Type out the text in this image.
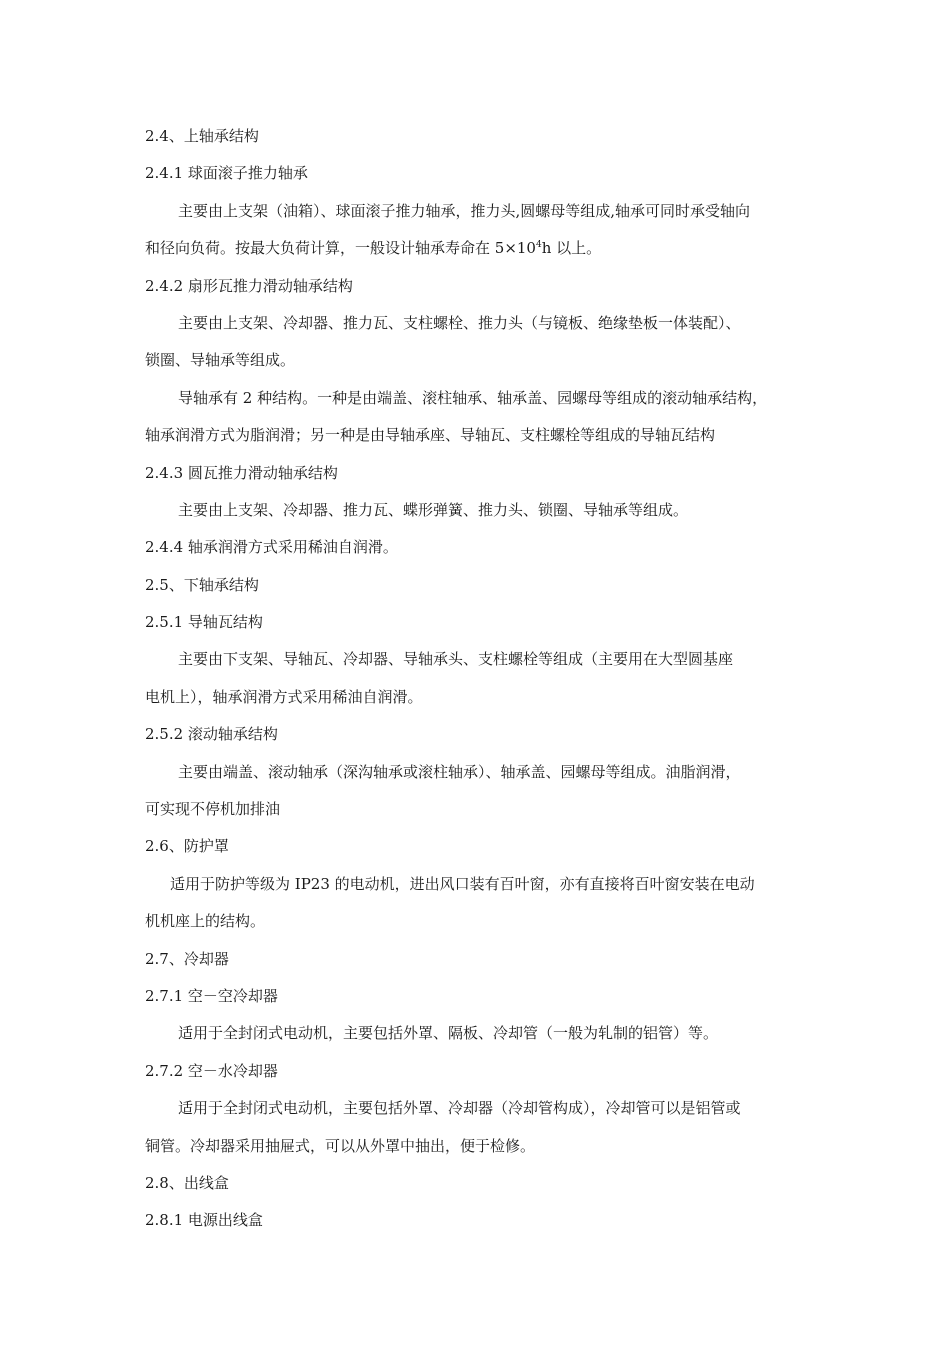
2.4、上轴承结构
2.4.1 球面滚子推力轴承
主要由上支架（油箱）、球面滚子推力轴承，推力头,圆螺母等组成,轴承可同时承受轴向
和径向负荷。按最大负荷计算，一般设计轴承寿命在 $5\times 10^4h$ 以上。
2.4.2 扇形瓦推力滑动轴承结构
主要由上支架、冷却器、推力瓦、支柱螺栓、推力头（与镜板、绝缘垫板一体装配）、
锁圈、导轴承等组成。
导轴承有 2 种结构。一种是由端盖、滚柱轴承、轴承盖、园螺母等组成的滚动轴承结构，
轴承润滑方式为脂润滑；另一种是由导轴承座、导轴瓦、支柱螺栓等组成的导轴瓦结构
2.4.3 圆瓦推力滑动轴承结构
主要由上支架、冷却器、推力瓦、蝶形弹簧、推力头、锁圈、导轴承等组成。
2.4.4 轴承润滑方式采用稀油自润滑。
2.5、下轴承结构
2.5.1 导轴瓦结构
主要由下支架、导轴瓦、冷却器、导轴承头、支柱螺栓等组成（主要用在大型圆基座
电机上），轴承润滑方式采用稀油自润滑。
2.5.2 滚动轴承结构
主要由端盖、滚动轴承（深沟轴承或滚柱轴承）、轴承盖、园螺母等组成。油脂润滑，
可实现不停机加排油
2.6、防护罩
适用于防护等级为 IP23 的电动机，进出风口装有百叶窗，亦有直接将百叶窗安装在电动
机机座上的结构。
2.7、冷却器
2.7.1 空－空冷却器
适用于全封闭式电动机，主要包括外罩、隔板、冷却管（一般为轧制的铝管）等。
2.7.2 空－水冷却器
适用于全封闭式电动机，主要包括外罩、冷却器（冷却管构成），冷却管可以是铝管或
铜管。冷却器采用抽屉式，可以从外罩中抽出，便于检修。
2.8、出线盒
2.8.1 电源出线盒
